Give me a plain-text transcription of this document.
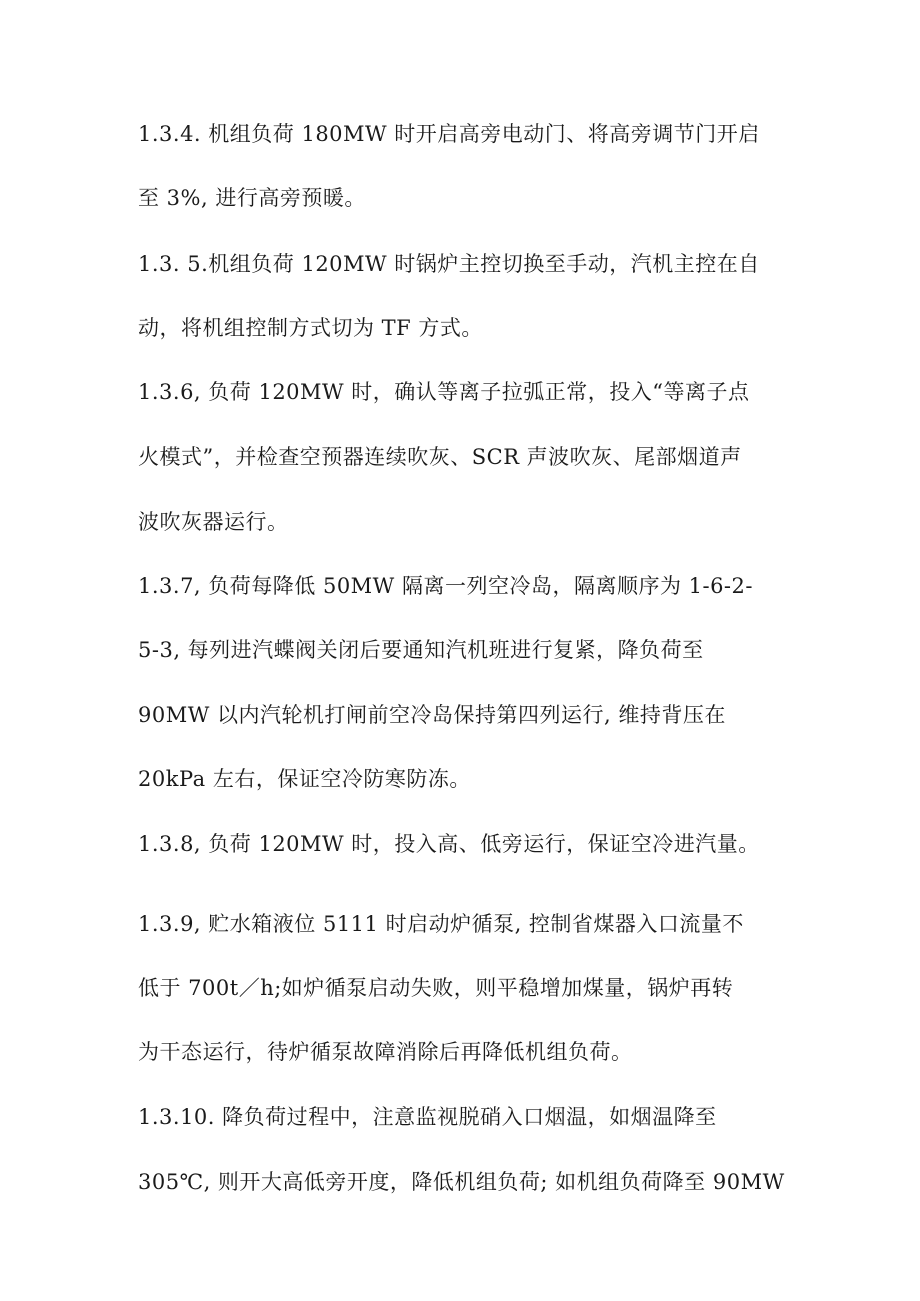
1.3.4. 机组负荷 180MW 时开启高旁电动门、将高旁调节门开启
至 3%, 进行高旁预暖。
1.3. 5.机组负荷 120MW 时锅炉主控切换至手动，汽机主控在自
动，将机组控制方式切为 TF 方式。
1.3.6, 负荷 120MW 时，确认等离子拉弧正常，投入“等离子点
火模式”，并检查空预器连续吹灰、SCR 声波吹灰、尾部烟道声
波吹灰器运行。
1.3.7, 负荷每降低 50MW 隔离一列空冷岛，隔离顺序为 1-6-2-
5-3, 每列进汽蝶阀关闭后要通知汽机班进行复紧，降负荷至
90MW 以内汽轮机打闸前空冷岛保持第四列运行, 维持背压在
20kPa 左右，保证空冷防寒防冻。
1.3.8, 负荷 120MW 时，投入高、低旁运行，保证空冷进汽量。
1.3.9, 贮水箱液位 5111 时启动炉循泵, 控制省煤器入口流量不
低于 700t／h;如炉循泵启动失败，则平稳增加煤量，锅炉再转
为干态运行，待炉循泵故障消除后再降低机组负荷。
1.3.10. 降负荷过程中，注意监视脱硝入口烟温，如烟温降至
305℃, 则开大高低旁开度，降低机组负荷; 如机组负荷降至 90MW
